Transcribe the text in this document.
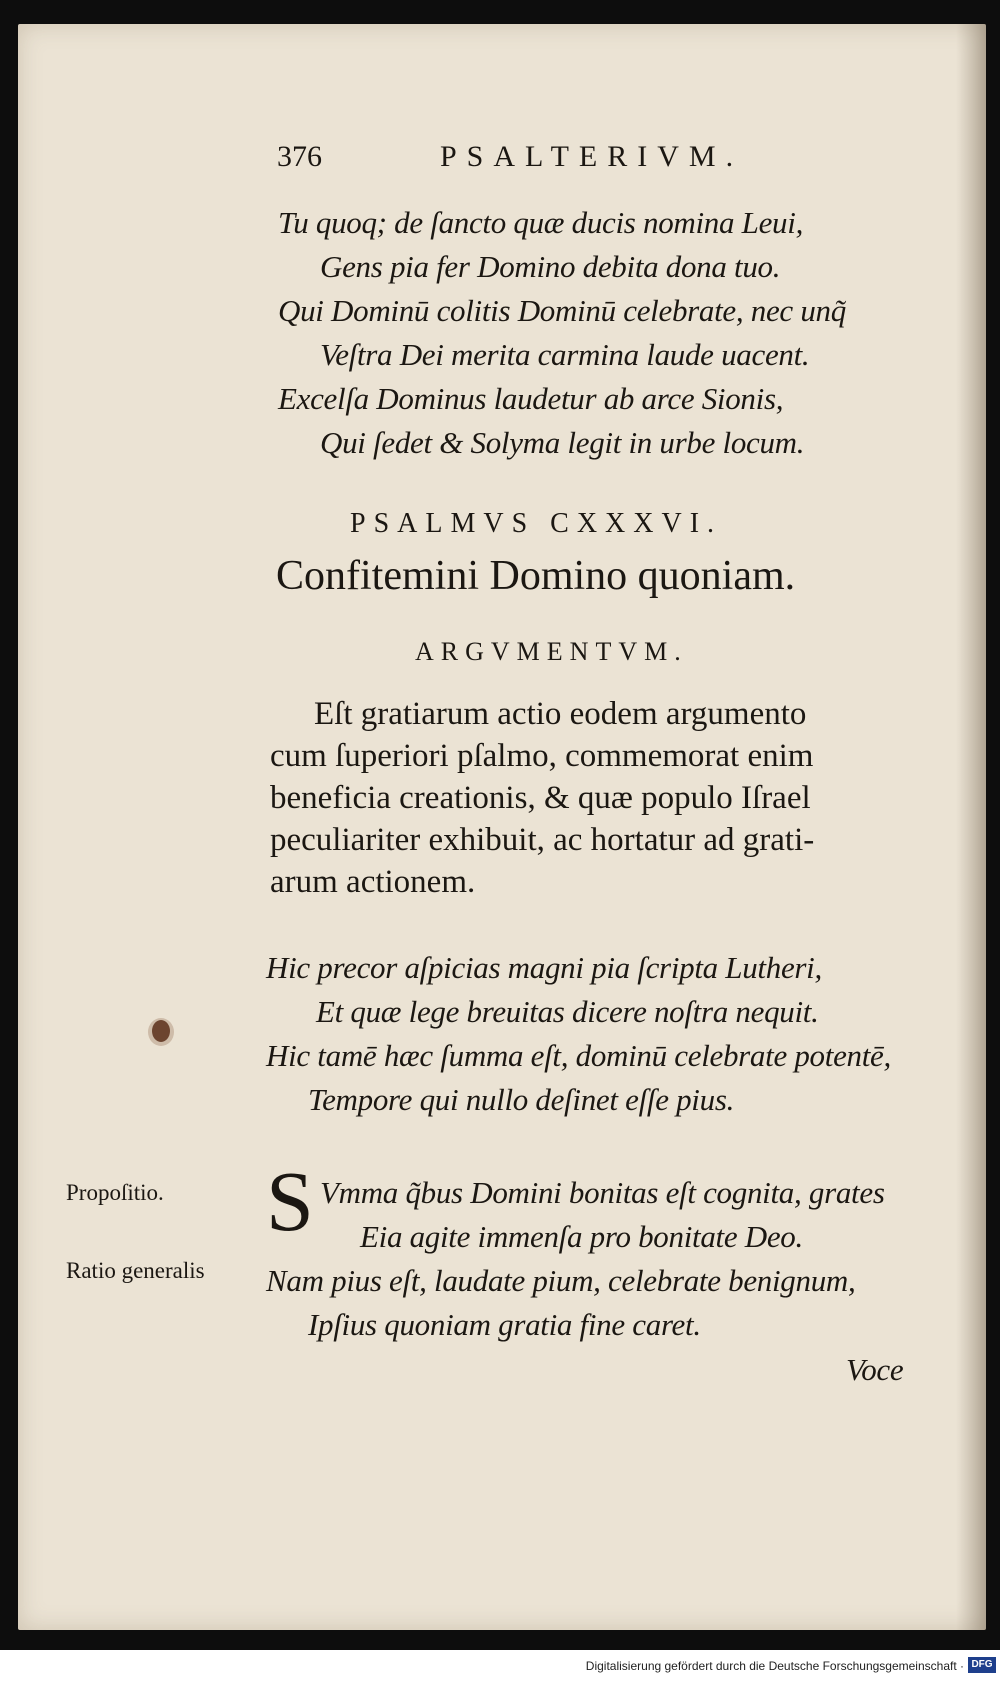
376	PSALTERIVM.
Tu quoq; de ſancto quæ ducis nomina Leui,
Gens pia fer Domino debita dona tuo.
Qui Dominū colitis Dominū celebrate, nec unq̃
Veſtra Dei merita carmina laude uacent.
Excelſa Dominus laudetur ab arce Sionis,
Qui ſedet & Solyma legit in urbe locum.
PSALMVS CXXXVI.
Confitemini Domino quoniam.
ARGVMENTVM.
Eſt gratiarum actio eodem argumento
cum ſuperiori pſalmo, commemorat enim
beneficia creationis, & quæ populo Iſrael
peculiariter exhibuit, ac hortatur ad grati-
arum actionem.
Hic precor aſpicias magni pia ſcripta Lutheri,
Et quæ lege breuitas dicere noſtra nequit.
Hic tamē hæc ſumma eſt, dominū celebrate potentē,
Tempore qui nullo deſinet eſſe pius.
S Vmma q̃bus Domini bonitas eſt cognita, grates
Eia agite immenſa pro bonitate Deo.
Nam pius eſt, laudate pium, celebrate benignum,
Ipſius quoniam gratia fine caret.
Propoſitio.
Ratio generalis
Voce
Digitalisierung gefördert durch die Deutsche Forschungsgemeinschaft · DFG
